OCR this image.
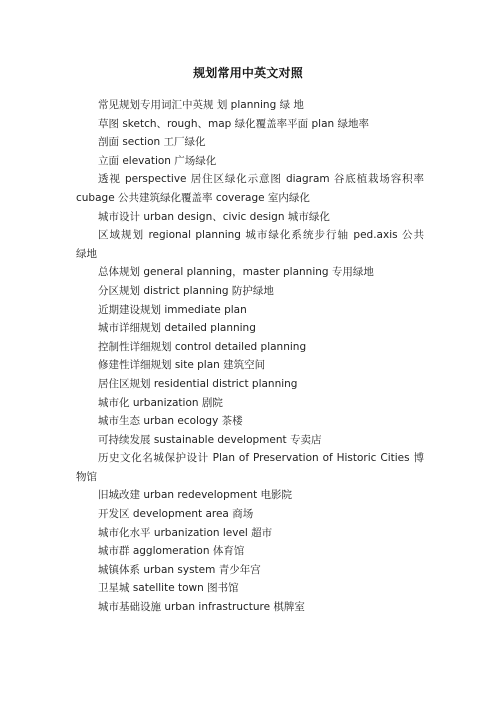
规划常用中英文对照
常见规划专用词汇中英规 划 planning 绿 地
草图 sketch、rough、map 绿化覆盖率平面 plan 绿地率
剖面 section 工厂绿化
立面 elevation 广场绿化
透视 perspective 居住区绿化示意图 diagram 谷底植栽场容积率
cubage 公共建筑绿化覆盖率 coverage 室内绿化
城市设计 urban design、civic design 城市绿化
区域规划 regional planning 城市绿化系统步行轴 ped.axis 公共
绿地
总体规划 general planning，master planning 专用绿地
分区规划 district planning 防护绿地
近期建设规划 immediate plan
城市详细规划 detailed planning
控制性详细规划 control detailed planning
修建性详细规划 site plan 建筑空间
居住区规划 residential district planning
城市化 urbanization 剧院
城市生态 urban ecology 茶楼
可持续发展 sustainable development 专卖店
历史文化名城保护设计 Plan of Preservation of Historic Cities 博
物馆
旧城改建 urban redevelopment 电影院
开发区 development area 商场
城市化水平 urbanization level 超市
城市群 agglomeration 体育馆
城镇体系 urban system 青少年宫
卫星城 satellite town 图书馆
城市基础设施 urban infrastructure 棋牌室
